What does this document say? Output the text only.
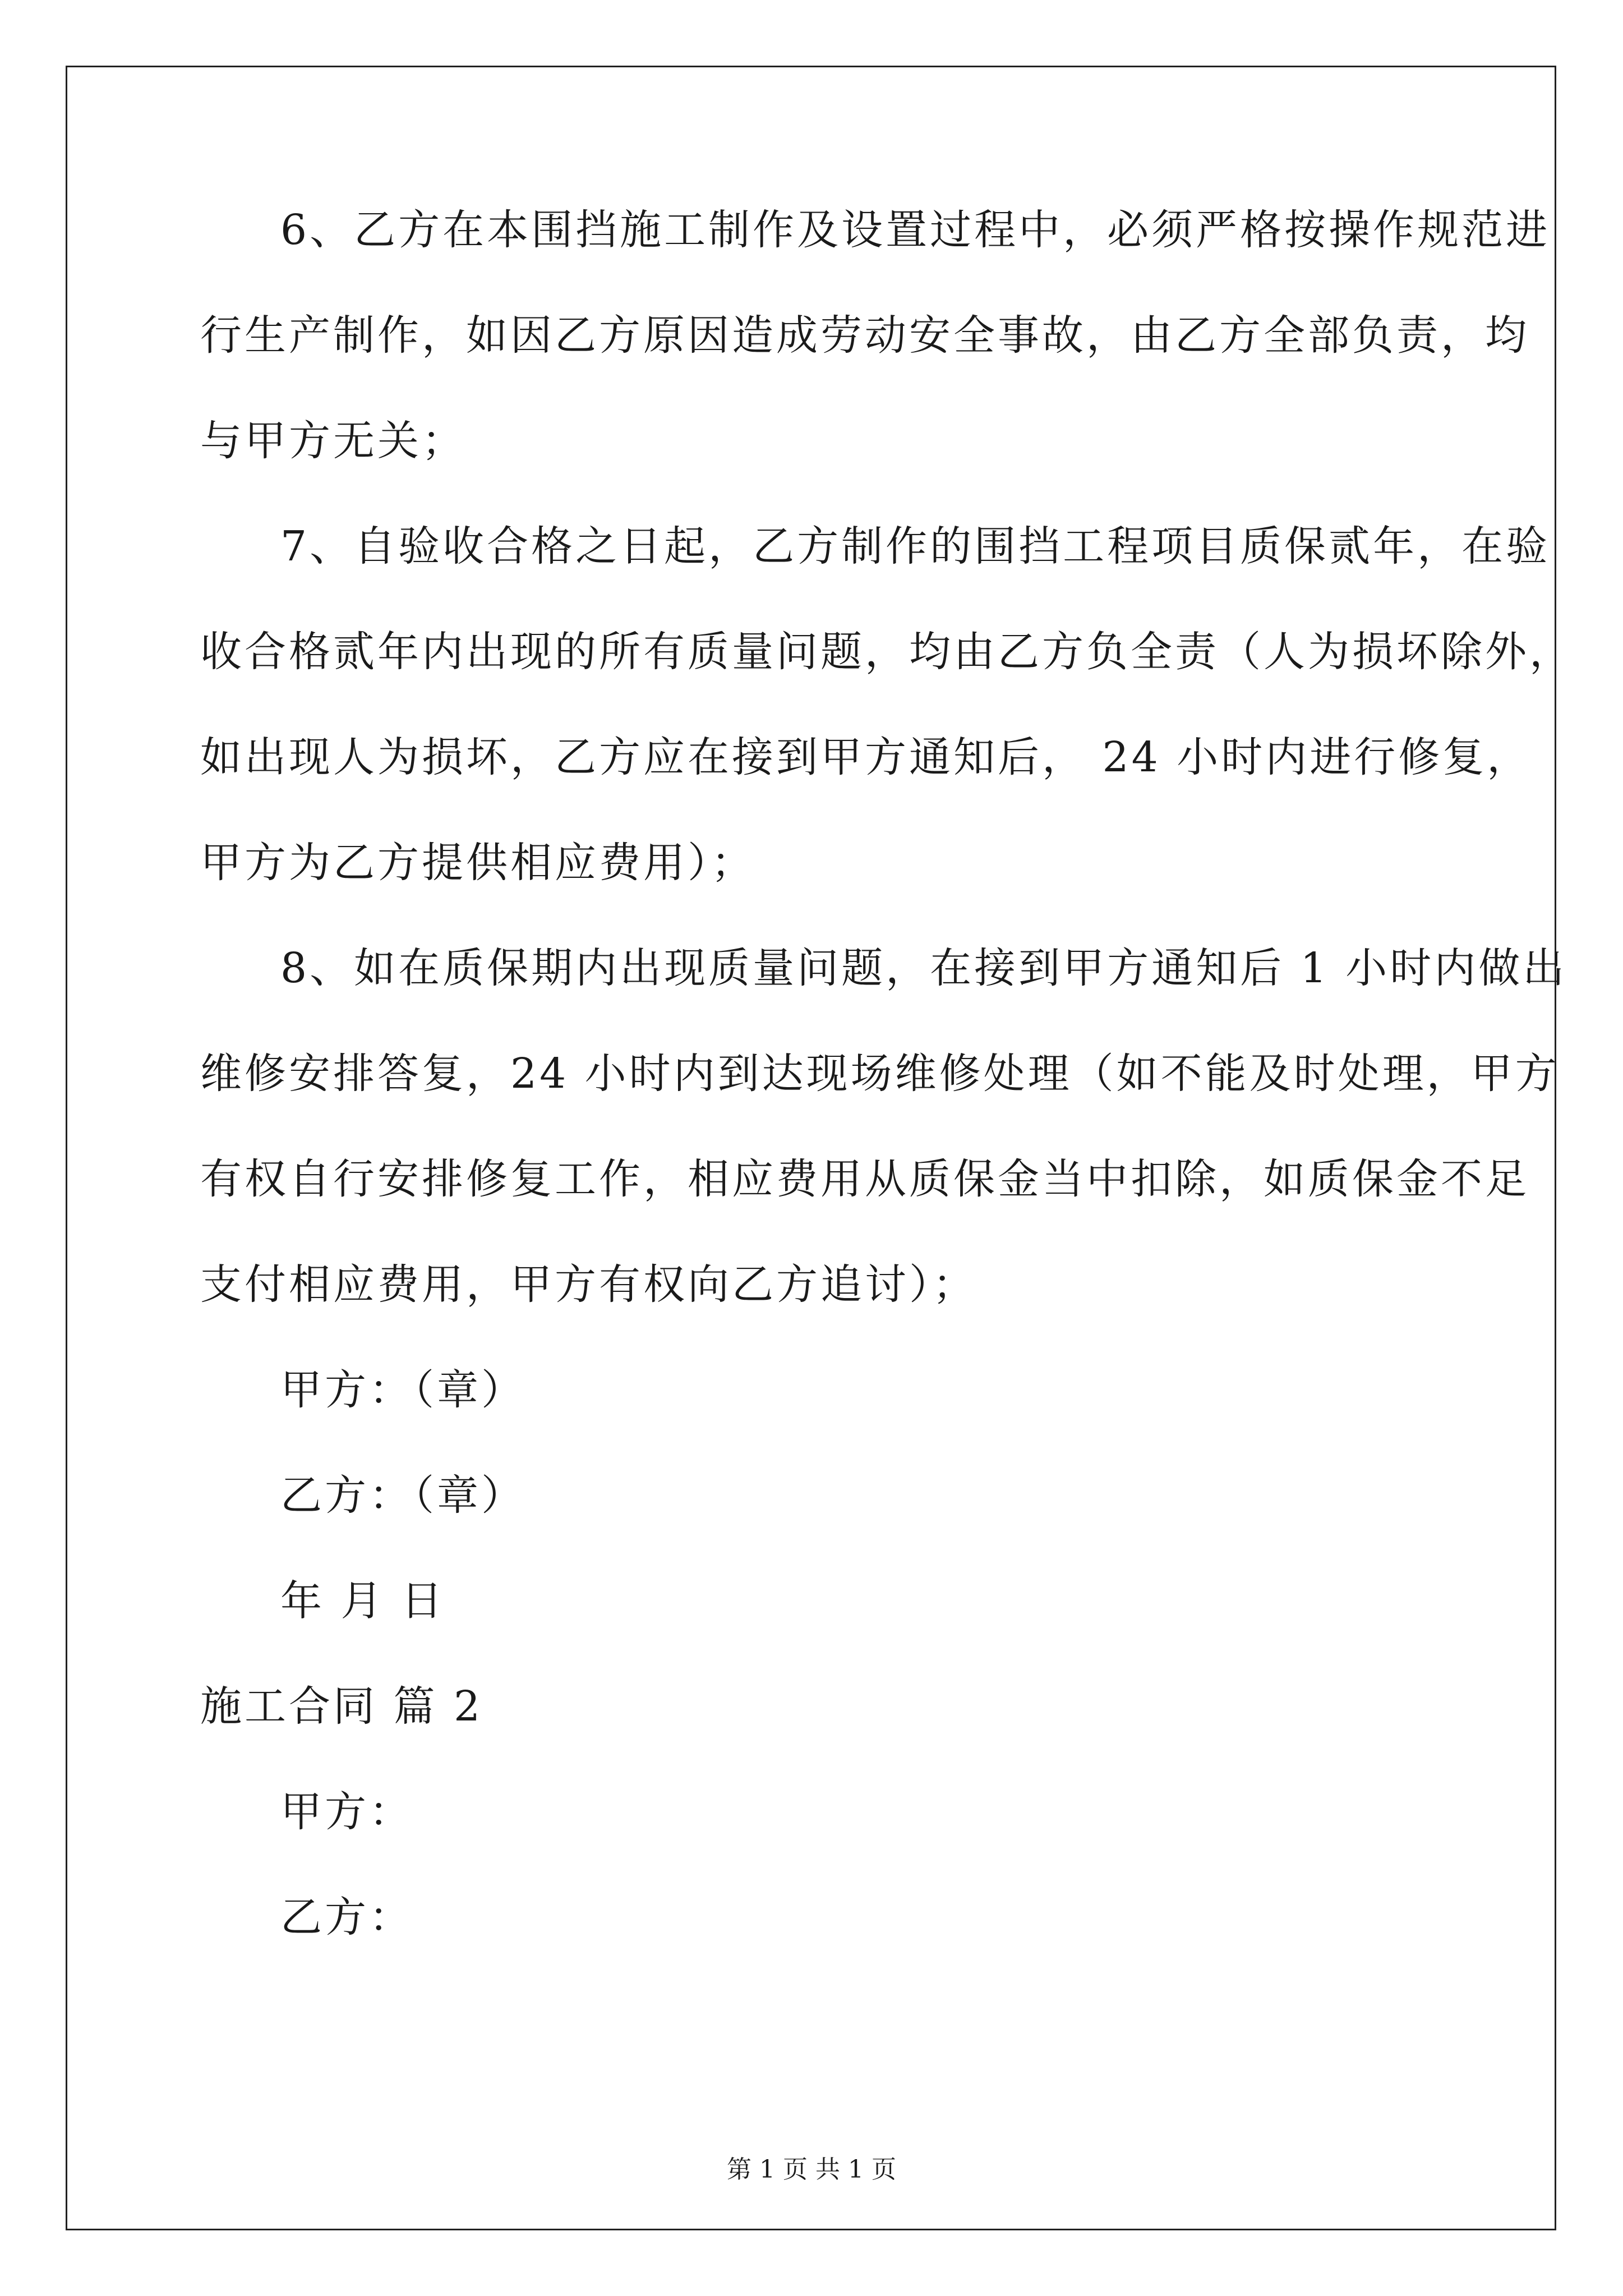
6、乙方在本围挡施工制作及设置过程中，必须严格按操作规范进
行生产制作，如因乙方原因造成劳动安全事故，由乙方全部负责，均
与甲方无关；
7、自验收合格之日起，乙方制作的围挡工程项目质保贰年，在验
收合格贰年内出现的所有质量问题，均由乙方负全责（人为损坏除外，
如出现人为损坏，乙方应在接到甲方通知后， 24 小时内进行修复，
甲方为乙方提供相应费用）；
8、如在质保期内出现质量问题，在接到甲方通知后 1 小时内做出
维修安排答复，24 小时内到达现场维修处理（如不能及时处理，甲方
有权自行安排修复工作，相应费用从质保金当中扣除，如质保金不足
支付相应费用，甲方有权向乙方追讨）；
甲方：（章）
乙方：（章）
年 月 日
施工合同 篇 2
甲方：
乙方：
第 1 页 共 1 页
